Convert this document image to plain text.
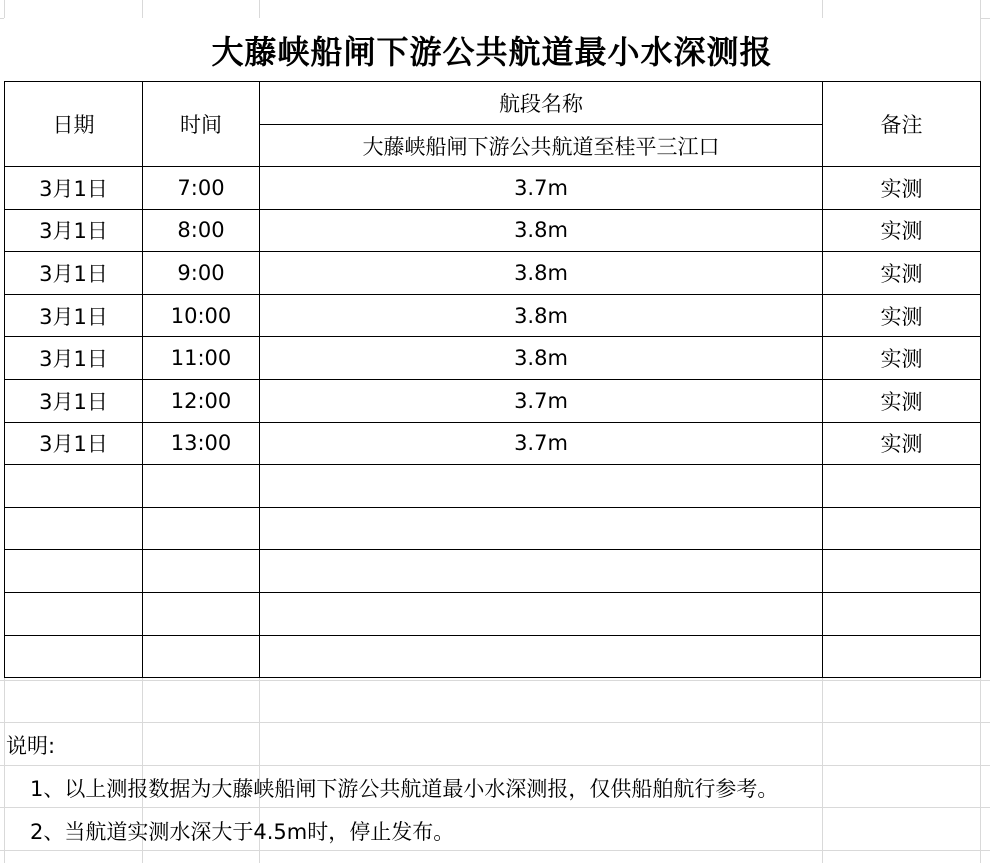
大藤峡船闸下游公共航道最小水深测报
日期	时间	航段名称	备注
		大藤峡船闸下游公共航道至桂平三江口	
3月1日	7:00	3.7m	实测
3月1日	8:00	3.8m	实测
3月1日	9:00	3.8m	实测
3月1日	10:00	3.8m	实测
3月1日	11:00	3.8m	实测
3月1日	12:00	3.7m	实测
3月1日	13:00	3.7m	实测

说明:
1、以上测报数据为大藤峡船闸下游公共航道最小水深测报，仅供船舶航行参考。
2、当航道实测水深大于4.5m时，停止发布。
